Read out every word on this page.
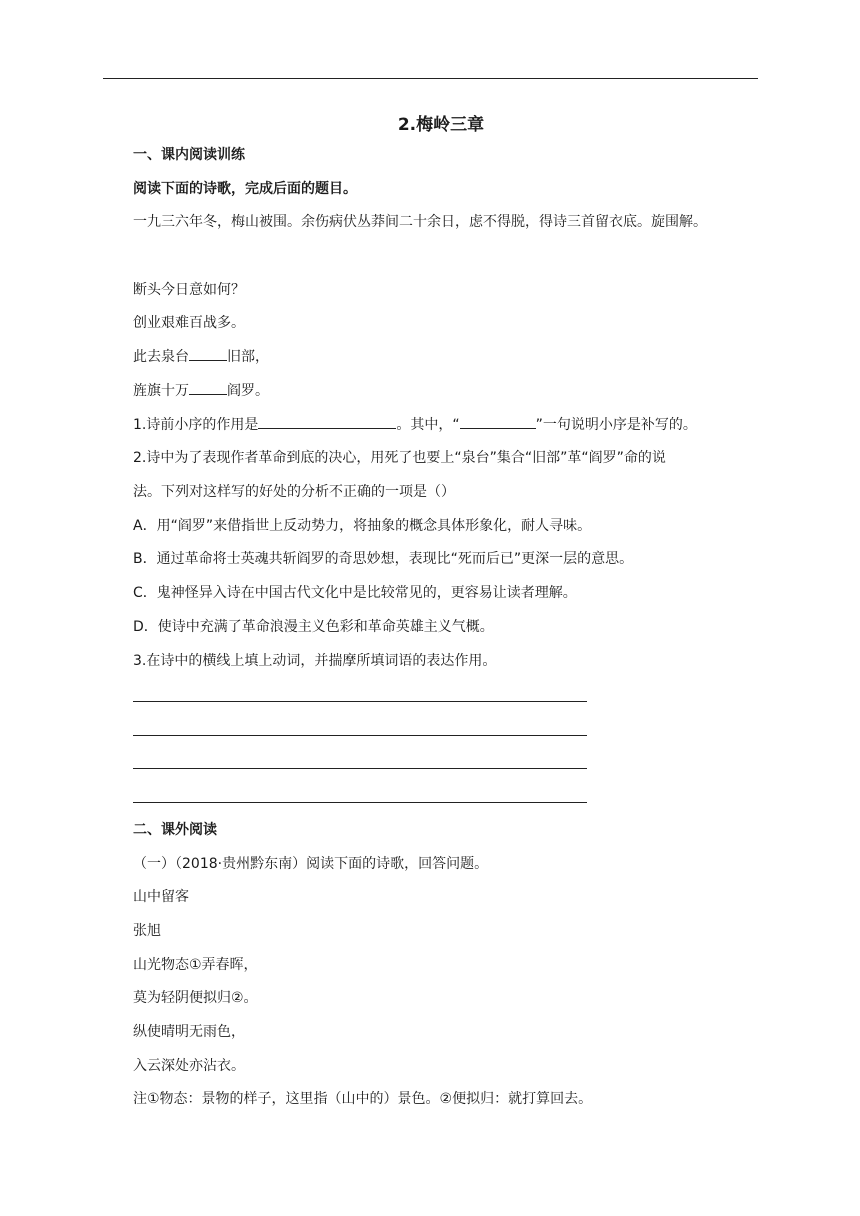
2.梅岭三章
一、课内阅读训练
阅读下面的诗歌，完成后面的题目。
一九三六年冬，梅山被围。余伤病伏丛莽间二十余日，虑不得脱，得诗三首留衣底。旋围解。
断头今日意如何？
创业艰难百战多。
此去泉台	旧部，
旌旗十万	阎罗。
1.诗前小序的作用是	。其中，“	”一句说明小序是补写的。
2.诗中为了表现作者革命到底的决心，用死了也要上“泉台”集合“旧部”革“阎罗”命的说
法。下列对这样写的好处的分析不正确的一项是（）
A．用“阎罗”来借指世上反动势力，将抽象的概念具体形象化，耐人寻味。
B．通过革命将士英魂共斩阎罗的奇思妙想，表现比“死而后已”更深一层的意思。
C．鬼神怪异入诗在中国古代文化中是比较常见的，更容易让读者理解。
D．使诗中充满了革命浪漫主义色彩和革命英雄主义气概。
3.在诗中的横线上填上动词，并揣摩所填词语的表达作用。
二、课外阅读
（一）（2018·贵州黔东南）阅读下面的诗歌，回答问题。
山中留客
张旭
山光物态①弄春晖，
莫为轻阴便拟归②。
纵使晴明无雨色，
入云深处亦沾衣。
注①物态：景物的样子，这里指（山中的）景色。②便拟归：就打算回去。
